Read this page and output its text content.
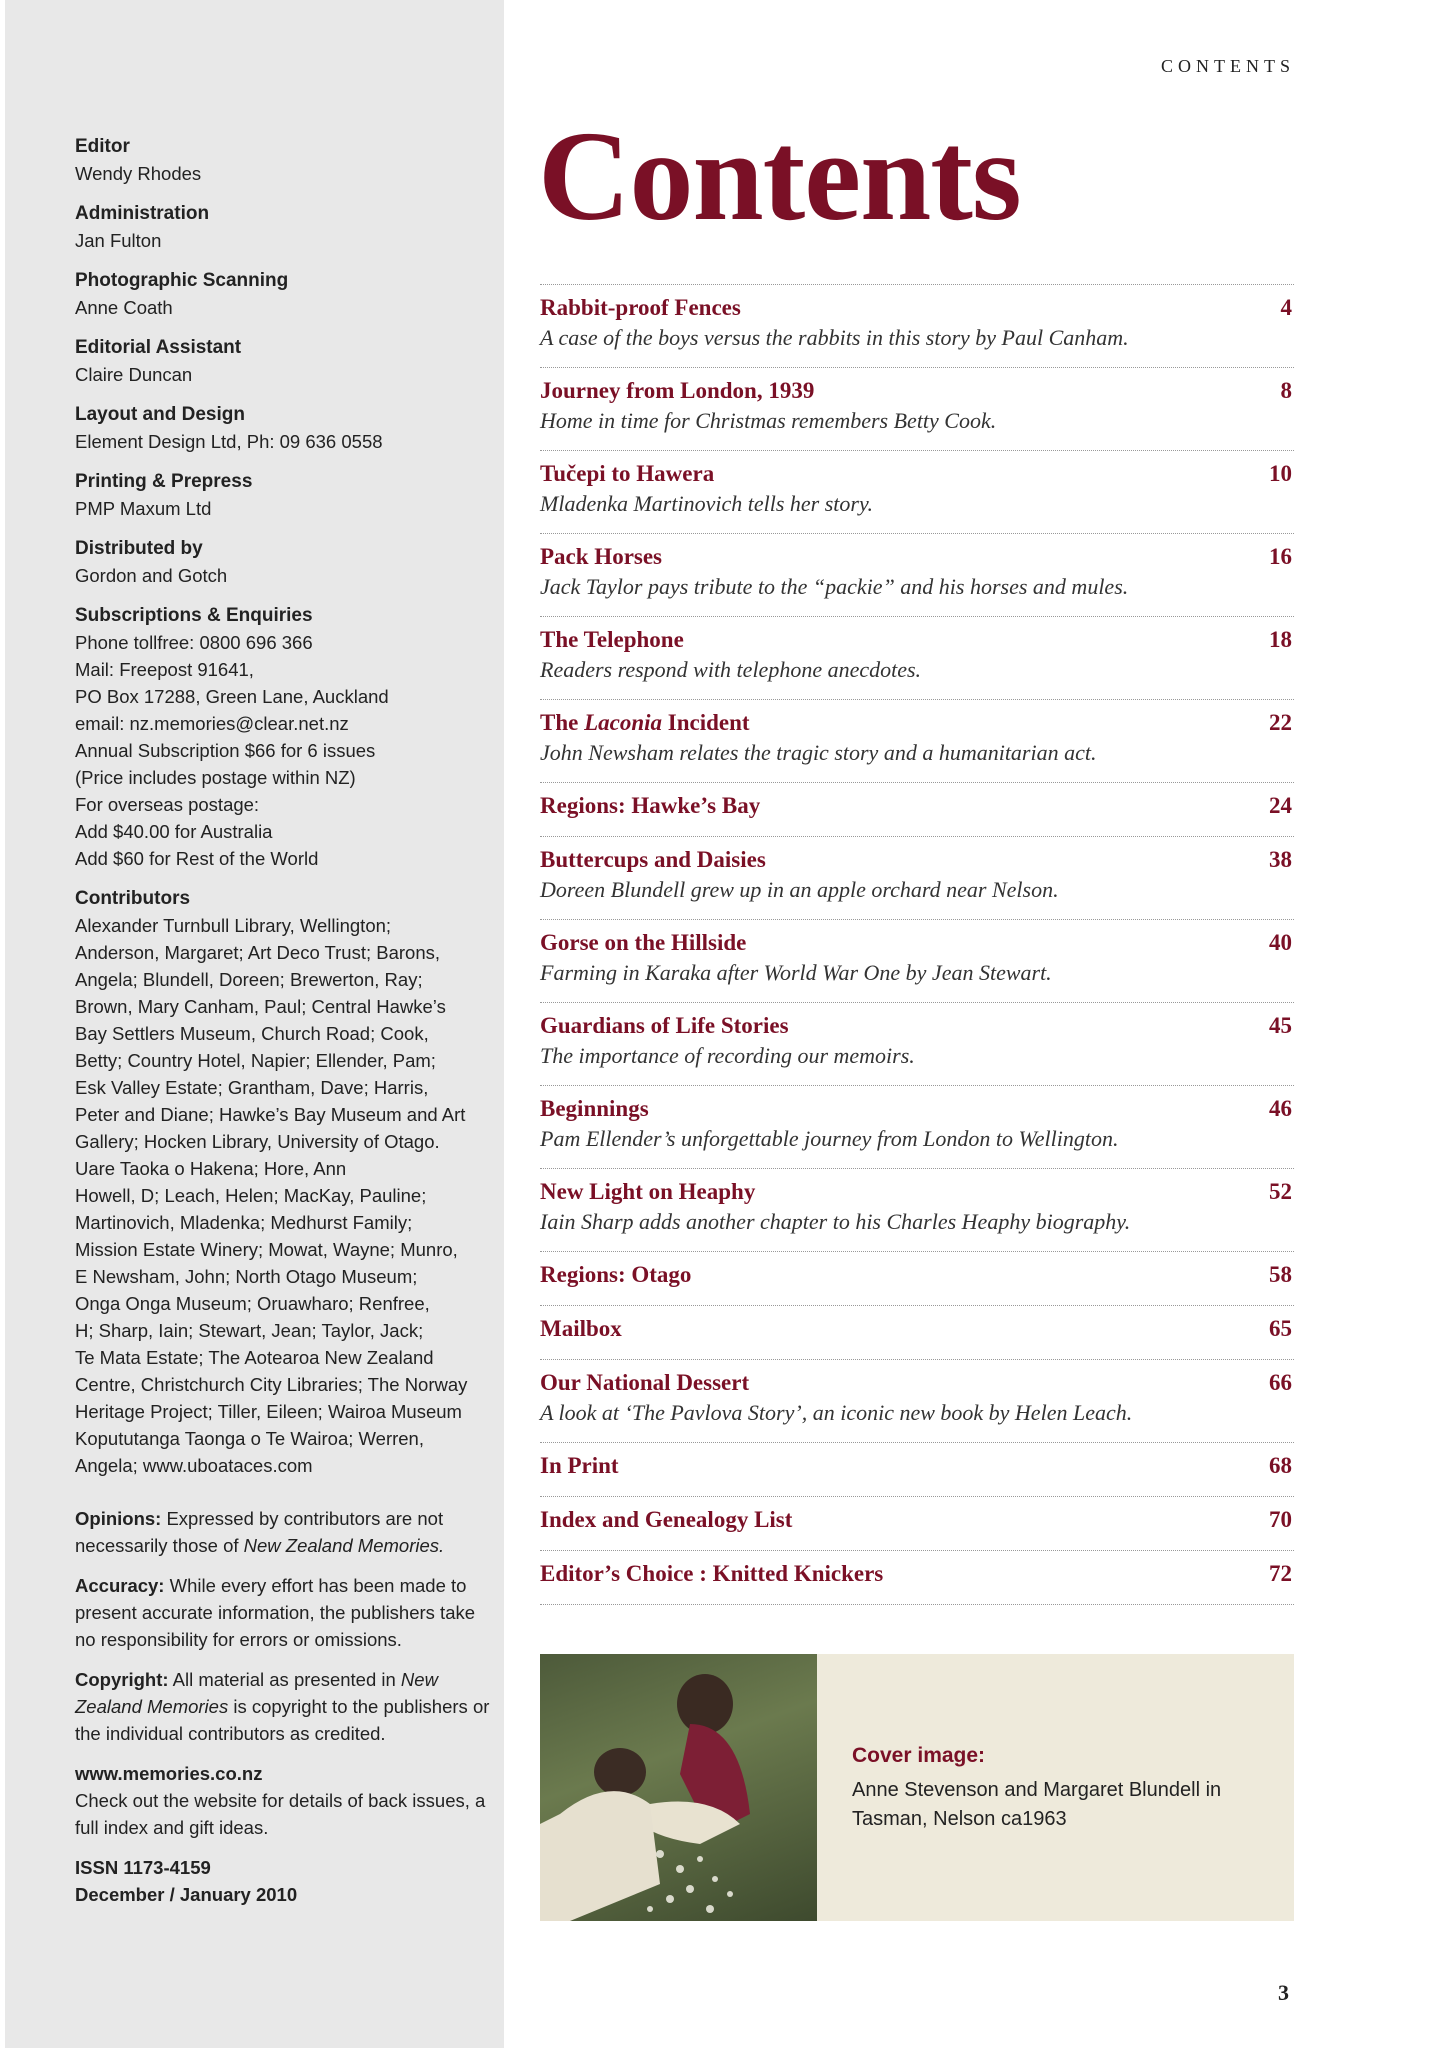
Editor
Wendy Rhodes
Administration
Jan Fulton
Photographic Scanning
Anne Coath
Editorial Assistant
Claire Duncan
Layout and Design
Element Design Ltd, Ph: 09 636 0558
Printing & Prepress
PMP Maxum Ltd
Distributed by
Gordon and Gotch
Subscriptions & Enquiries
Phone tollfree: 0800 696 366
Mail: Freepost 91641,
PO Box 17288, Green Lane, Auckland
email: nz.memories@clear.net.nz
Annual Subscription $66 for 6 issues
(Price includes postage within NZ)
For overseas postage:
Add $40.00 for Australia
Add $60 for Rest of the World
Contributors
Alexander Turnbull Library, Wellington;
Anderson, Margaret; Art Deco Trust; Barons,
Angela; Blundell, Doreen; Brewerton, Ray;
Brown, Mary Canham, Paul; Central Hawke’s
Bay Settlers Museum, Church Road; Cook,
Betty; Country Hotel, Napier; Ellender, Pam;
Esk Valley Estate; Grantham, Dave; Harris,
Peter and Diane; Hawke’s Bay Museum and Art
Gallery; Hocken Library, University of Otago.
Uare Taoka o Hakena; Hore, Ann
Howell, D; Leach, Helen; MacKay, Pauline;
Martinovich, Mladenka; Medhurst Family;
Mission Estate Winery; Mowat, Wayne; Munro,
E Newsham, John; North Otago Museum;
Onga Onga Museum; Oruawharo; Renfree,
H; Sharp, Iain; Stewart, Jean; Taylor, Jack;
Te Mata Estate; The Aotearoa New Zealand
Centre, Christchurch City Libraries; The Norway
Heritage Project; Tiller, Eileen; Wairoa Museum
Kopututanga Taonga o Te Wairoa; Werren,
Angela; www.uboataces.com
Opinions: Expressed by contributors are not necessarily those of New Zealand Memories.
Accuracy: While every effort has been made to present accurate information, the publishers take no responsibility for errors or omissions.
Copyright: All material as presented in New Zealand Memories is copyright to the publishers or the individual contributors as credited.
www.memories.co.nz
Check out the website for details of back issues, a full index and gift ideas.
ISSN 1173-4159
December / January 2010
CONTENTS
Contents
Rabbit-proof Fences	4
A case of the boys versus the rabbits in this story by Paul Canham.
Journey from London, 1939	8
Home in time for Christmas remembers Betty Cook.
Tučepi to Hawera	10
Mladenka Martinovich tells her story.
Pack Horses	16
Jack Taylor pays tribute to the “packie” and his horses and mules.
The Telephone	18
Readers respond with telephone anecdotes.
The Laconia Incident	22
John Newsham relates the tragic story and a humanitarian act.
Regions: Hawke’s Bay	24
Buttercups and Daisies	38
Doreen Blundell grew up in an apple orchard near Nelson.
Gorse on the Hillside	40
Farming in Karaka after World War One by Jean Stewart.
Guardians of Life Stories	45
The importance of recording our memoirs.
Beginnings	46
Pam Ellender’s unforgettable journey from London to Wellington.
New Light on Heaphy	52
Iain Sharp adds another chapter to his Charles Heaphy biography.
Regions: Otago	58
Mailbox	65
Our National Dessert	66
A look at ‘The Pavlova Story’, an iconic new book by Helen Leach.
In Print	68
Index and Genealogy List	70
Editor’s Choice : Knitted Knickers	72
Cover image:
Anne Stevenson and Margaret Blundell in Tasman, Nelson ca1963
3
